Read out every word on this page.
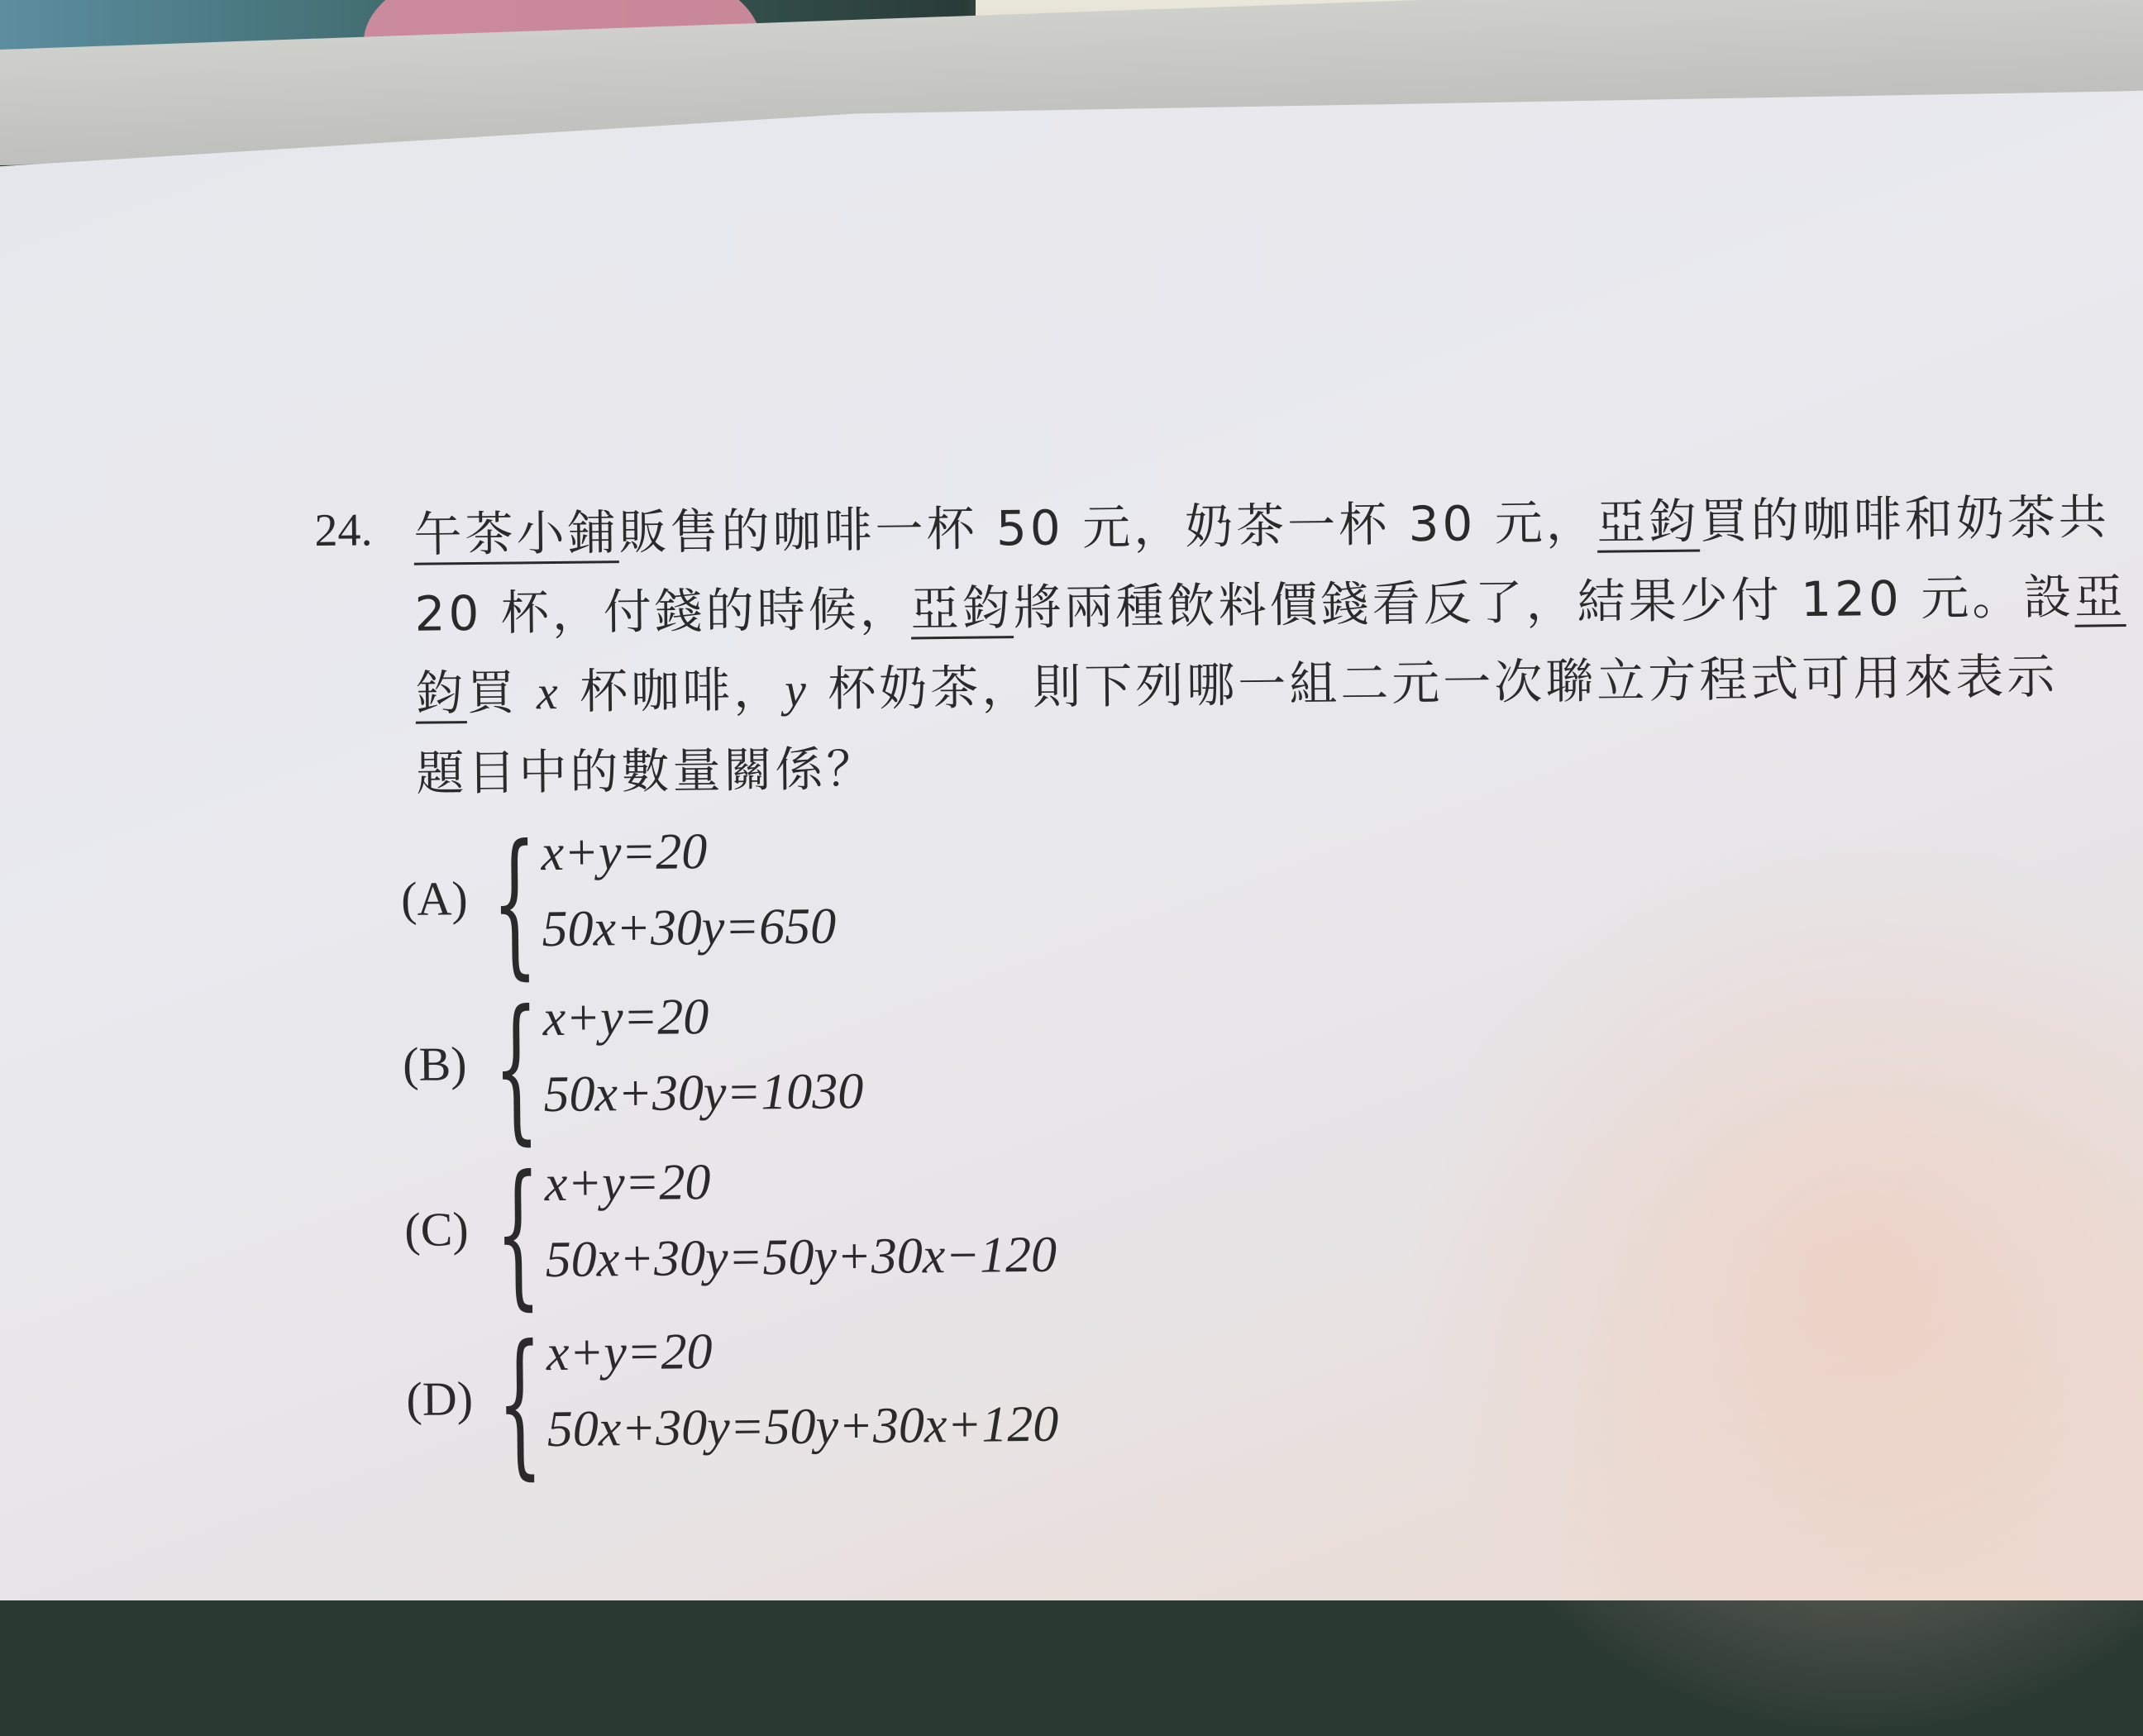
24. 午茶小鋪販售的咖啡一杯 50 元，奶茶一杯 30 元，亞鈞買的咖啡和奶茶共
20 杯，付錢的時候，亞鈞將兩種飲料價錢看反了，結果少付 120 元。設亞
鈞買 x 杯咖啡，y 杯奶茶，則下列哪一組二元一次聯立方程式可用來表示
題目中的數量關係？
(A) { x+y=20
50x+30y=650
(B) { x+y=20
50x+30y=1030
(C) { x+y=20
50x+30y=50y+30x−120
(D) { x+y=20
50x+30y=50y+30x+120
